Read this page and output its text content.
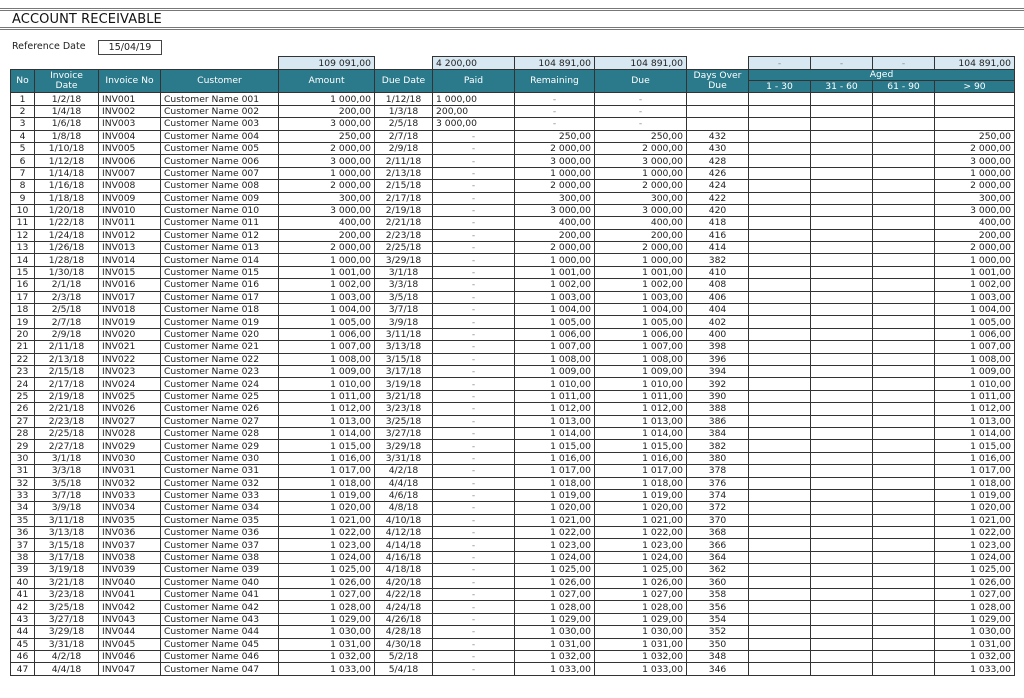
ACCOUNT RECEIVABLE
Reference Date	15/04/19
				109 091,00		4 200,00	104 891,00	104 891,00		-	-	-	104 891,00
No	Invoice Date	Invoice No	Customer	Amount	Due Date	Paid	Remaining	Due	Days Over Due	Aged			
										1 - 30	31 - 60	61 - 90	> 90
1	1/2/18	INV001	Customer Name 001	1 000,00	1/12/18	1 000,00	-	-					
2	1/4/18	INV002	Customer Name 002	200,00	1/3/18	200,00	-	-					
3	1/6/18	INV003	Customer Name 003	3 000,00	2/5/18	3 000,00	-	-					
4	1/8/18	INV004	Customer Name 004	250,00	2/7/18	-	250,00	250,00	432				250,00
5	1/10/18	INV005	Customer Name 005	2 000,00	2/9/18	-	2 000,00	2 000,00	430				2 000,00
6	1/12/18	INV006	Customer Name 006	3 000,00	2/11/18	-	3 000,00	3 000,00	428				3 000,00
7	1/14/18	INV007	Customer Name 007	1 000,00	2/13/18	-	1 000,00	1 000,00	426				1 000,00
8	1/16/18	INV008	Customer Name 008	2 000,00	2/15/18	-	2 000,00	2 000,00	424				2 000,00
9	1/18/18	INV009	Customer Name 009	300,00	2/17/18	-	300,00	300,00	422				300,00
10	1/20/18	INV010	Customer Name 010	3 000,00	2/19/18	-	3 000,00	3 000,00	420				3 000,00
11	1/22/18	INV011	Customer Name 011	400,00	2/21/18	-	400,00	400,00	418				400,00
12	1/24/18	INV012	Customer Name 012	200,00	2/23/18	-	200,00	200,00	416				200,00
13	1/26/18	INV013	Customer Name 013	2 000,00	2/25/18	-	2 000,00	2 000,00	414				2 000,00
14	1/28/18	INV014	Customer Name 014	1 000,00	3/29/18	-	1 000,00	1 000,00	382				1 000,00
15	1/30/18	INV015	Customer Name 015	1 001,00	3/1/18	-	1 001,00	1 001,00	410				1 001,00
16	2/1/18	INV016	Customer Name 016	1 002,00	3/3/18	-	1 002,00	1 002,00	408				1 002,00
17	2/3/18	INV017	Customer Name 017	1 003,00	3/5/18	-	1 003,00	1 003,00	406				1 003,00
18	2/5/18	INV018	Customer Name 018	1 004,00	3/7/18	-	1 004,00	1 004,00	404				1 004,00
19	2/7/18	INV019	Customer Name 019	1 005,00	3/9/18	-	1 005,00	1 005,00	402				1 005,00
20	2/9/18	INV020	Customer Name 020	1 006,00	3/11/18	-	1 006,00	1 006,00	400				1 006,00
21	2/11/18	INV021	Customer Name 021	1 007,00	3/13/18	-	1 007,00	1 007,00	398				1 007,00
22	2/13/18	INV022	Customer Name 022	1 008,00	3/15/18	-	1 008,00	1 008,00	396				1 008,00
23	2/15/18	INV023	Customer Name 023	1 009,00	3/17/18	-	1 009,00	1 009,00	394				1 009,00
24	2/17/18	INV024	Customer Name 024	1 010,00	3/19/18	-	1 010,00	1 010,00	392				1 010,00
25	2/19/18	INV025	Customer Name 025	1 011,00	3/21/18	-	1 011,00	1 011,00	390				1 011,00
26	2/21/18	INV026	Customer Name 026	1 012,00	3/23/18	-	1 012,00	1 012,00	388				1 012,00
27	2/23/18	INV027	Customer Name 027	1 013,00	3/25/18	-	1 013,00	1 013,00	386				1 013,00
28	2/25/18	INV028	Customer Name 028	1 014,00	3/27/18	-	1 014,00	1 014,00	384				1 014,00
29	2/27/18	INV029	Customer Name 029	1 015,00	3/29/18	-	1 015,00	1 015,00	382				1 015,00
30	3/1/18	INV030	Customer Name 030	1 016,00	3/31/18	-	1 016,00	1 016,00	380				1 016,00
31	3/3/18	INV031	Customer Name 031	1 017,00	4/2/18	-	1 017,00	1 017,00	378				1 017,00
32	3/5/18	INV032	Customer Name 032	1 018,00	4/4/18	-	1 018,00	1 018,00	376				1 018,00
33	3/7/18	INV033	Customer Name 033	1 019,00	4/6/18	-	1 019,00	1 019,00	374				1 019,00
34	3/9/18	INV034	Customer Name 034	1 020,00	4/8/18	-	1 020,00	1 020,00	372				1 020,00
35	3/11/18	INV035	Customer Name 035	1 021,00	4/10/18	-	1 021,00	1 021,00	370				1 021,00
36	3/13/18	INV036	Customer Name 036	1 022,00	4/12/18	-	1 022,00	1 022,00	368				1 022,00
37	3/15/18	INV037	Customer Name 037	1 023,00	4/14/18	-	1 023,00	1 023,00	366				1 023,00
38	3/17/18	INV038	Customer Name 038	1 024,00	4/16/18	-	1 024,00	1 024,00	364				1 024,00
39	3/19/18	INV039	Customer Name 039	1 025,00	4/18/18	-	1 025,00	1 025,00	362				1 025,00
40	3/21/18	INV040	Customer Name 040	1 026,00	4/20/18	-	1 026,00	1 026,00	360				1 026,00
41	3/23/18	INV041	Customer Name 041	1 027,00	4/22/18	-	1 027,00	1 027,00	358				1 027,00
42	3/25/18	INV042	Customer Name 042	1 028,00	4/24/18	-	1 028,00	1 028,00	356				1 028,00
43	3/27/18	INV043	Customer Name 043	1 029,00	4/26/18	-	1 029,00	1 029,00	354				1 029,00
44	3/29/18	INV044	Customer Name 044	1 030,00	4/28/18	-	1 030,00	1 030,00	352				1 030,00
45	3/31/18	INV045	Customer Name 045	1 031,00	4/30/18	-	1 031,00	1 031,00	350				1 031,00
46	4/2/18	INV046	Customer Name 046	1 032,00	5/2/18	-	1 032,00	1 032,00	348				1 032,00
47	4/4/18	INV047	Customer Name 047	1 033,00	5/4/18	-	1 033,00	1 033,00	346				1 033,00
